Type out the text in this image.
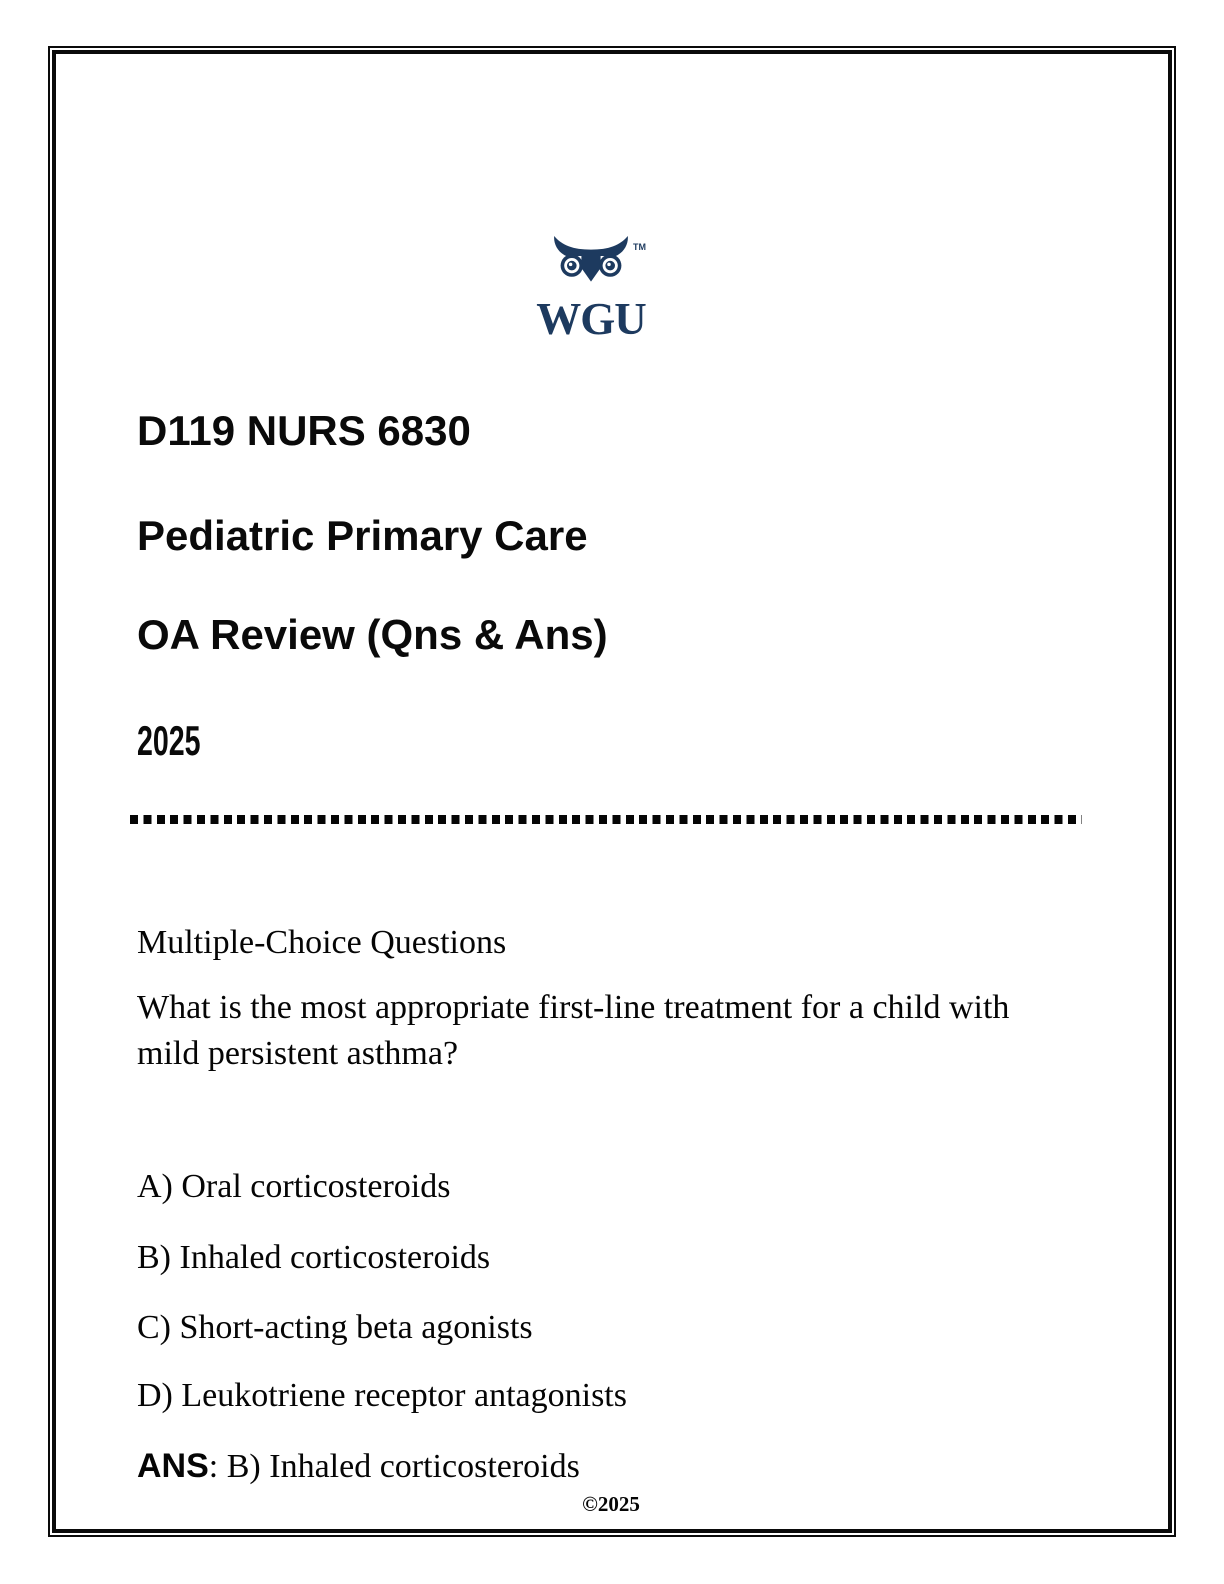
TM
WGU
D119 NURS 6830
Pediatric Primary Care
OA Review (Qns & Ans)
2025

Multiple-Choice Questions

What is the most appropriate first-line treatment for a child with
mild persistent asthma?

A) Oral corticosteroids

B) Inhaled corticosteroids

C) Short-acting beta agonists

D) Leukotriene receptor antagonists

ANS: B) Inhaled corticosteroids

©2025
